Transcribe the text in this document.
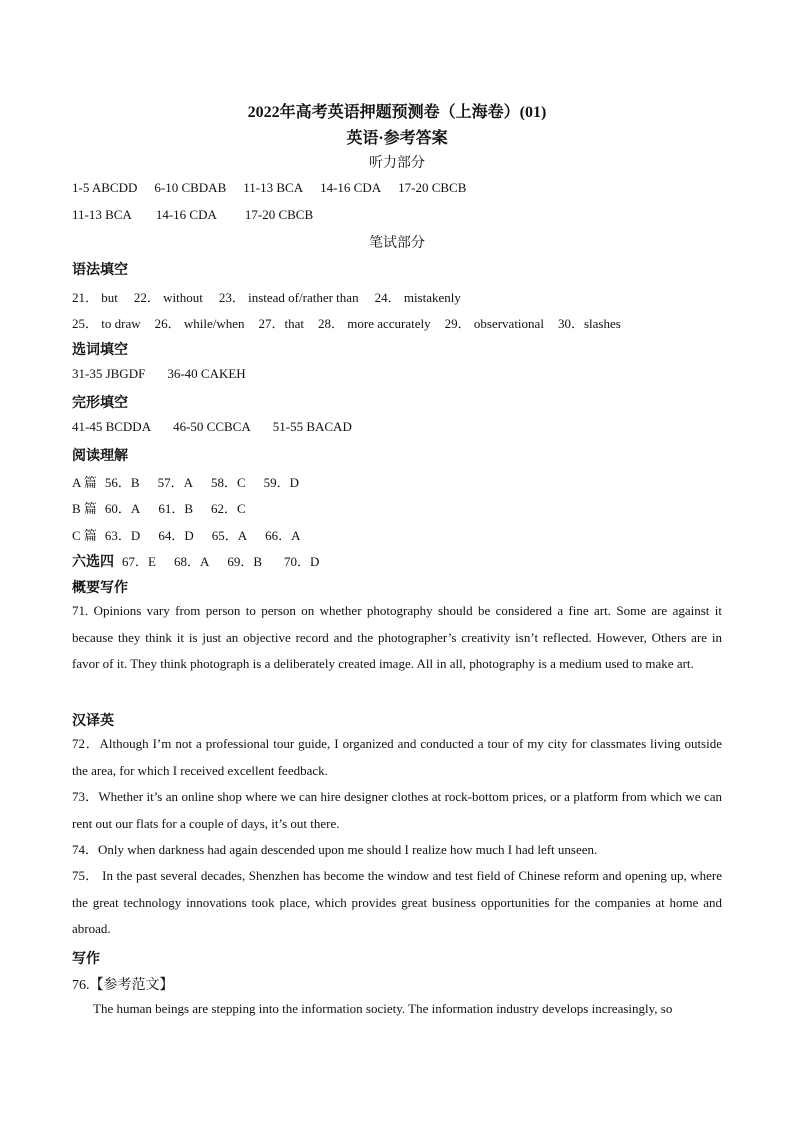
2022年高考英语押题预测卷（上海卷）(01)
英语·参考答案
听力部分
1-5 ABCDD 6-10 CBDAB 11-13 BCA 14-16 CDA 17-20 CBCB
11-13 BCA 14-16 CDA 17-20 CBCB
笔试部分
语法填空
21． but 22． without 23． instead of/rather than 24． mistakenly
25． to draw 26． while/when 27．that 28． more accurately 29． observational 30．slashes
选词填空
31-35 JBGDF 36-40 CAKEH
完形填空
41-45 BCDDA 46-50 CCBCA 51-55 BACAD
阅读理解
A 篇 56．B 57．A 58．C 59．D
B 篇 60．A 61．B 62．C
C 篇 63．D 64．D 65．A 66．A
六选四 67．E 68．A 69．B 70．D
概要写作
71. Opinions vary from person to person on whether photography should be considered a fine art. Some are against it because they think it is just an objective record and the photographer’s creativity isn’t reflected. However, Others are in favor of it. They think photograph is a deliberately created image. All in all, photography is a medium used to make art.
汉译英
72．Although I’m not a professional tour guide, I organized and conducted a tour of my city for classmates living outside the area, for which I received excellent feedback.
73．Whether it’s an online shop where we can hire designer clothes at rock-bottom prices, or a platform from which we can rent out our flats for a couple of days, it’s out there.
74．Only when darkness had again descended upon me should I realize how much I had left unseen.
75． In the past several decades, Shenzhen has become the window and test field of Chinese reform and opening up, where the great technology innovations took place, which provides great business opportunities for the companies at home and abroad.
写作
76.【参考范文】
The human beings are stepping into the information society. The information industry develops increasingly, so
